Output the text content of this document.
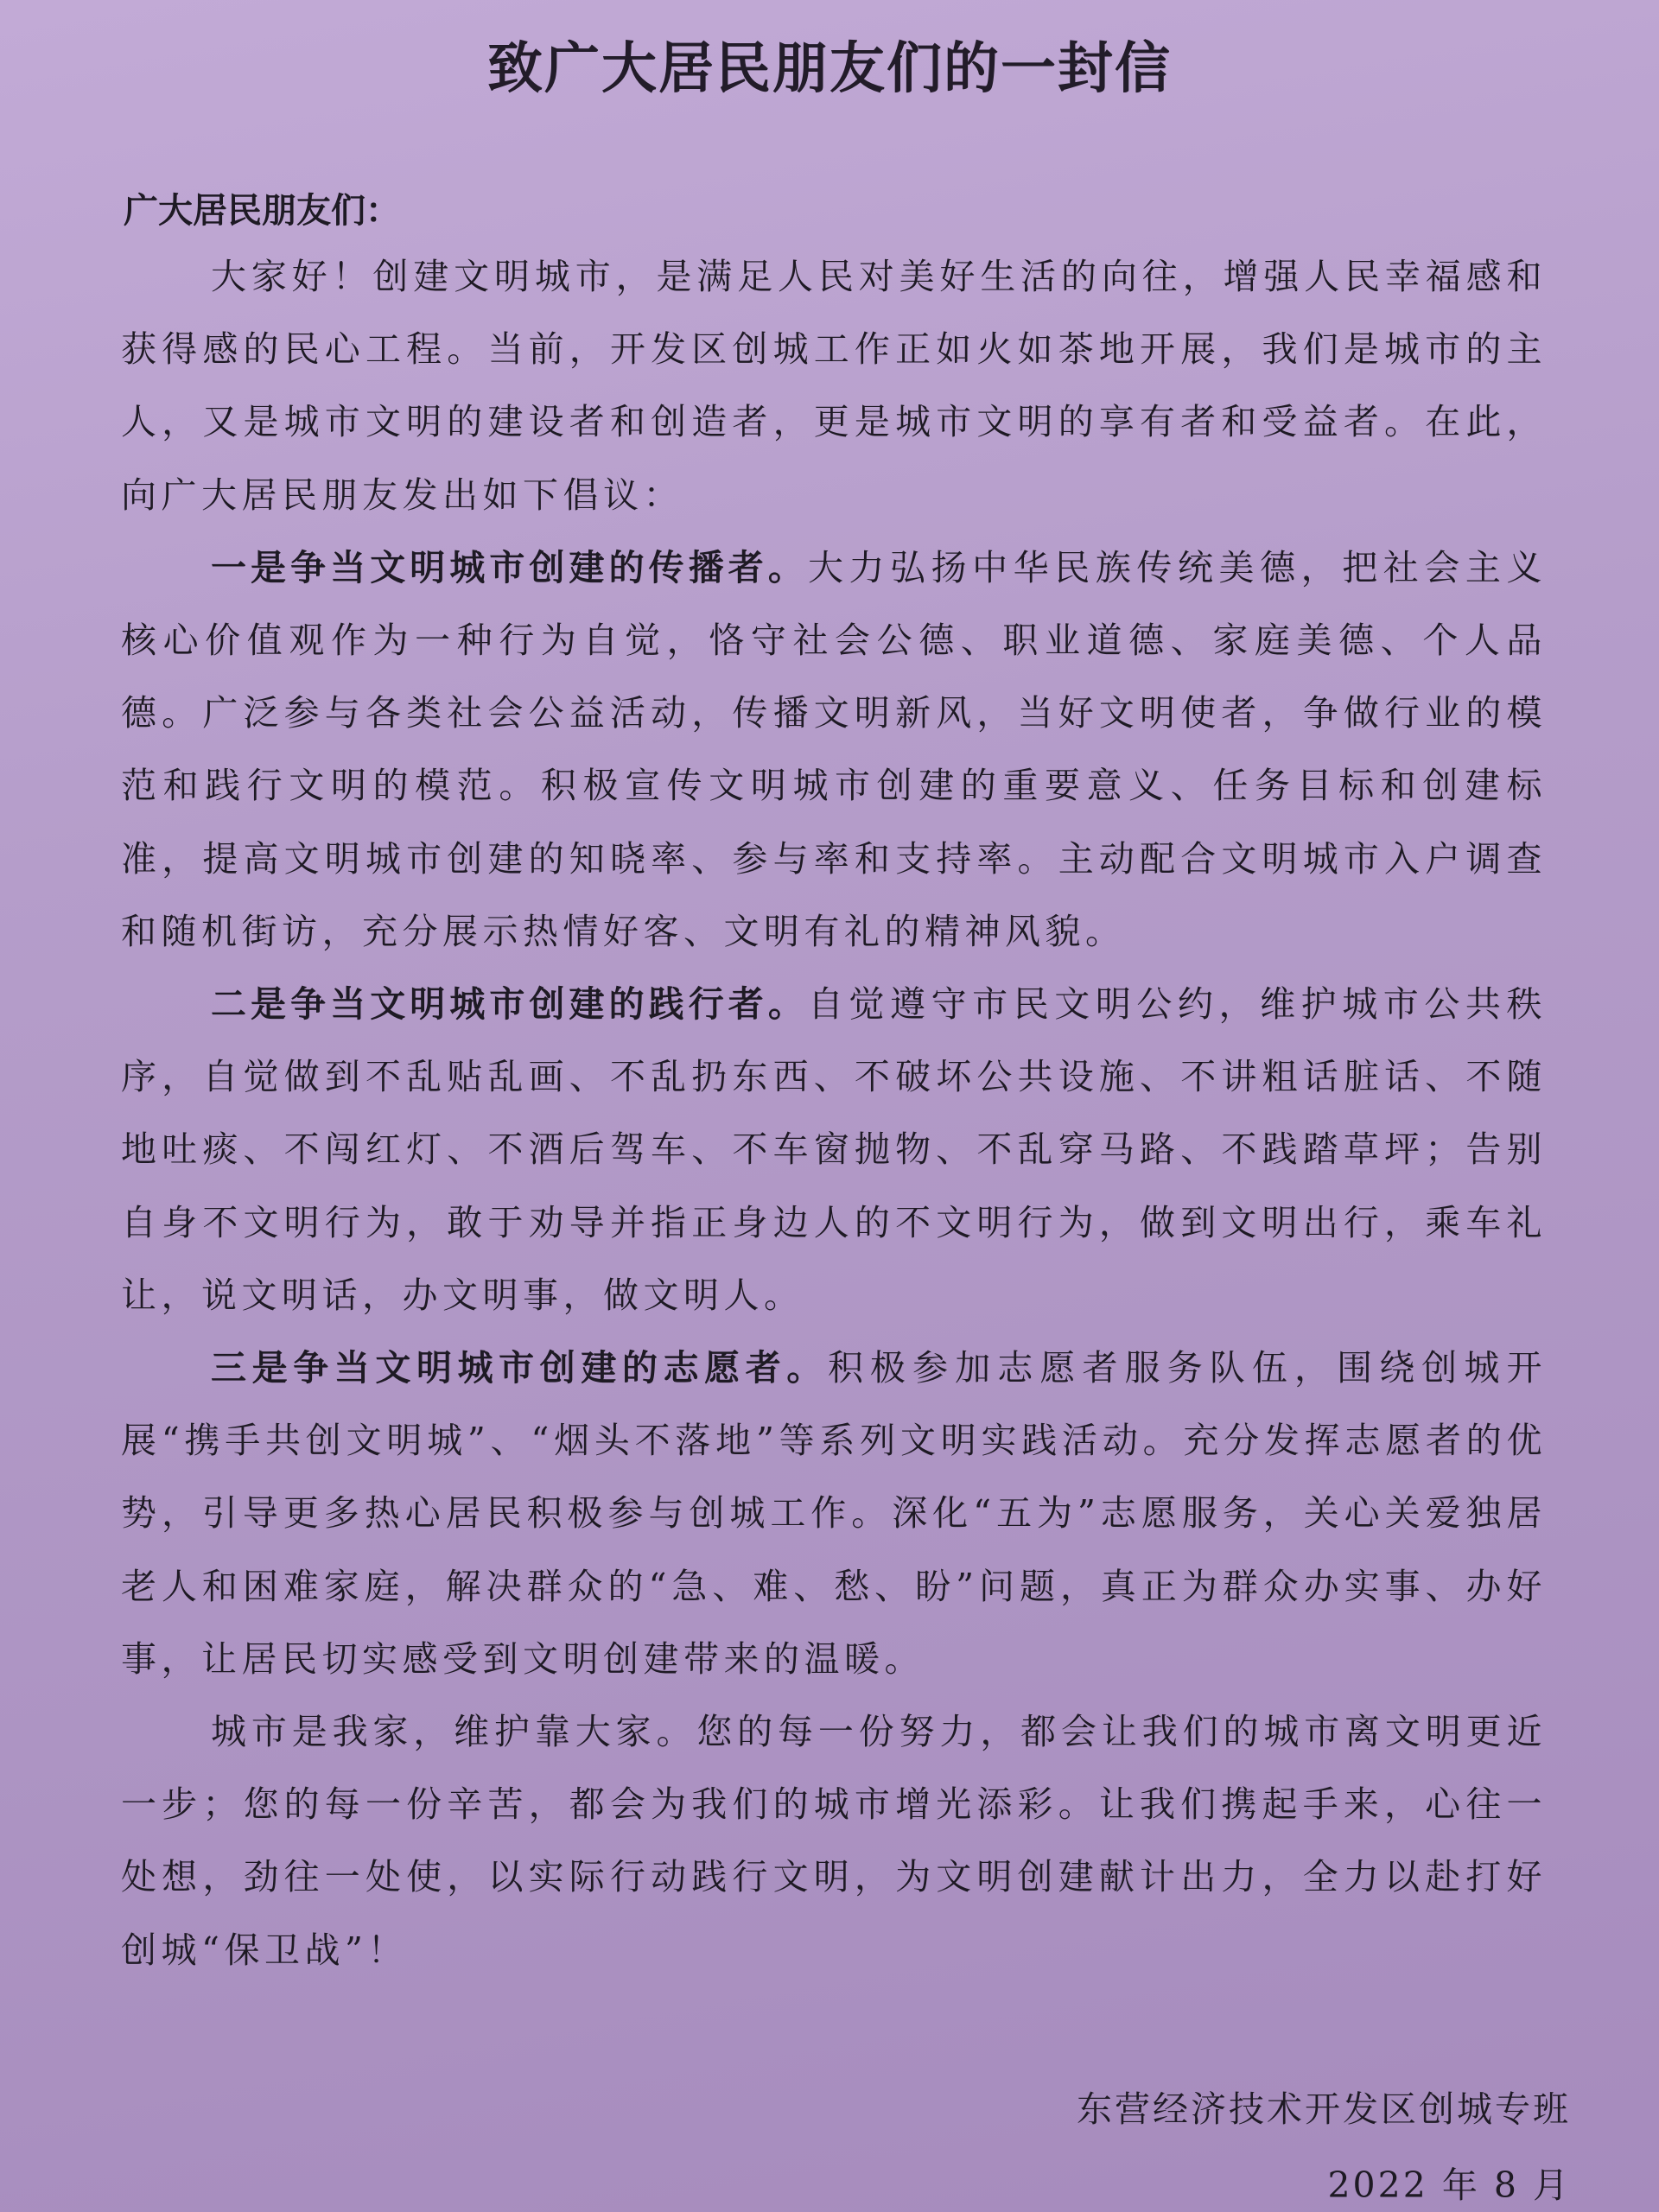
致广大居民朋友们的一封信

广大居民朋友们：

大家好！创建文明城市，是满足人民对美好生活的向往，增强人民幸福感和获得感的民心工程。当前，开发区创城工作正如火如茶地开展，我们是城市的主人，又是城市文明的建设者和创造者，更是城市文明的享有者和受益者。在此，向广大居民朋友发出如下倡议：

一是争当文明城市创建的传播者。大力弘扬中华民族传统美德，把社会主义核心价值观作为一种行为自觉，恪守社会公德、职业道德、家庭美德、个人品德。广泛参与各类社会公益活动，传播文明新风，当好文明使者，争做行业的模范和践行文明的模范。积极宣传文明城市创建的重要意义、任务目标和创建标准，提高文明城市创建的知晓率、参与率和支持率。主动配合文明城市入户调查和随机街访，充分展示热情好客、文明有礼的精神风貌。

二是争当文明城市创建的践行者。自觉遵守市民文明公约，维护城市公共秩序，自觉做到不乱贴乱画、不乱扔东西、不破坏公共设施、不讲粗话脏话、不随地吐痰、不闯红灯、不酒后驾车、不车窗抛物、不乱穿马路、不践踏草坪；告别自身不文明行为，敢于劝导并指正身边人的不文明行为，做到文明出行，乘车礼让，说文明话，办文明事，做文明人。

三是争当文明城市创建的志愿者。积极参加志愿者服务队伍，围绕创城开展“携手共创文明城”、“烟头不落地”等系列文明实践活动。充分发挥志愿者的优势，引导更多热心居民积极参与创城工作。深化“五为”志愿服务，关心关爱独居老人和困难家庭，解决群众的“急、难、愁、盼”问题，真正为群众办实事、办好事，让居民切实感受到文明创建带来的温暖。

城市是我家，维护靠大家。您的每一份努力，都会让我们的城市离文明更近一步；您的每一份辛苦，都会为我们的城市增光添彩。让我们携起手来，心往一处想，劲往一处使，以实际行动践行文明，为文明创建献计出力，全力以赴打好创城“保卫战”！

东营经济技术开发区创城专班

2022 年 8 月
